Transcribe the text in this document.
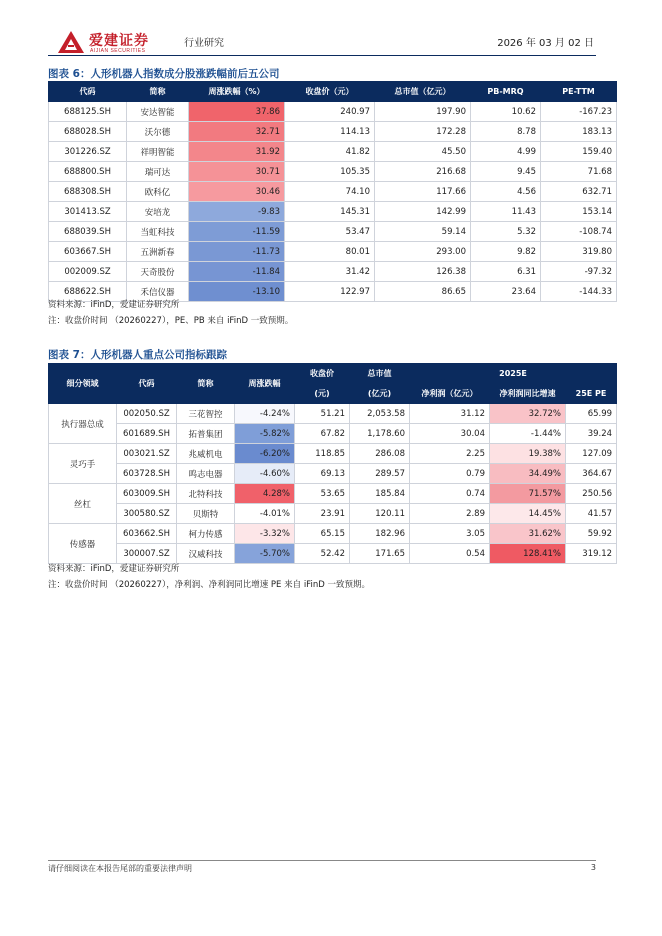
爱建证券
AIJIAN SECURITIES
行业研究	2026 年 03 月 02 日
图表 6：人形机器人指数成分股涨跌幅前后五公司
代码	简称	周涨跌幅（%）	收盘价（元）	总市值（亿元）	PB-MRQ	PE-TTM
688125.SH	安达智能	37.86	240.97	197.90	10.62	-167.23
688028.SH	沃尔德	32.71	114.13	172.28	8.78	183.13
301226.SZ	祥明智能	31.92	41.82	45.50	4.99	159.40
688800.SH	瑞可达	30.71	105.35	216.68	9.45	71.68
688308.SH	欧科亿	30.46	74.10	117.66	4.56	632.71
301413.SZ	安培龙	-9.83	145.31	142.99	11.43	153.14
688039.SH	当虹科技	-11.59	53.47	59.14	5.32	-108.74
603667.SH	五洲新春	-11.73	80.01	293.00	9.82	319.80
002009.SZ	天奇股份	-11.84	31.42	126.38	6.31	-97.32
688622.SH	禾信仪器	-13.10	122.97	86.65	23.64	-144.33
资料来源：iFinD，爱建证券研究所
注：收盘价时间 （20260227），PE、PB 来自 iFinD 一致预期。
图表 7：人形机器人重点公司指标跟踪
细分领域	代码	简称	周涨跌幅	收盘价	总市值	2025E		
				(元)	(亿元)	净利润（亿元）	净利润同比增速	25E PE
执行器总成	002050.SZ	三花智控	-4.24%	51.21	2,053.58	31.12	32.72%	65.99
	601689.SH	拓普集团	-5.82%	67.82	1,178.60	30.04	-1.44%	39.24
灵巧手	003021.SZ	兆威机电	-6.20%	118.85	286.08	2.25	19.38%	127.09
	603728.SH	鸣志电器	-4.60%	69.13	289.57	0.79	34.49%	364.67
丝杠	603009.SH	北特科技	4.28%	53.65	185.84	0.74	71.57%	250.56
	300580.SZ	贝斯特	-4.01%	23.91	120.11	2.89	14.45%	41.57
传感器	603662.SH	柯力传感	-3.32%	65.15	182.96	3.05	31.62%	59.92
	300007.SZ	汉威科技	-5.70%	52.42	171.65	0.54	128.41%	319.12
资料来源：iFinD，爱建证券研究所
注：收盘价时间 （20260227），净利润、净利润同比增速 PE 来自 iFinD 一致预期。
请仔细阅读在本报告尾部的重要法律声明	3
